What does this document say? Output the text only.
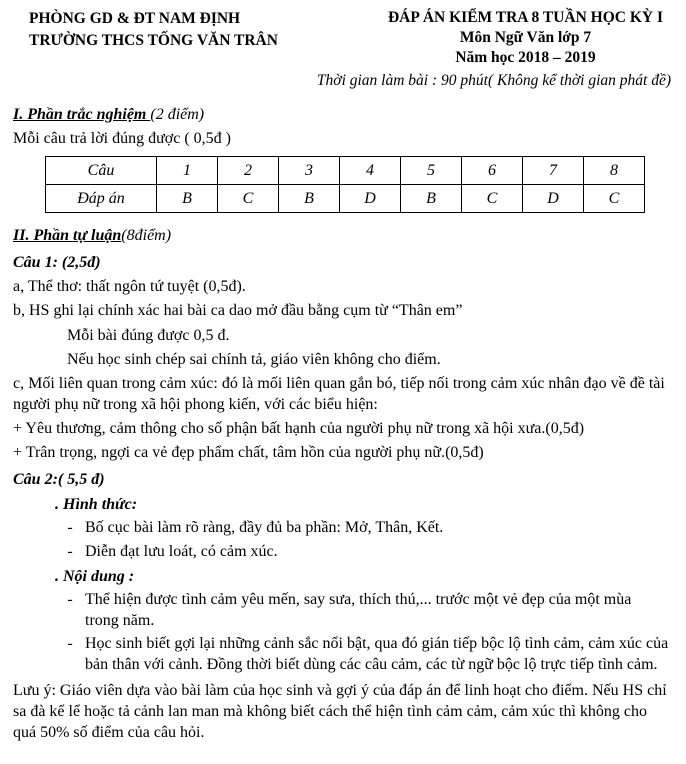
PHÒNG GD & ĐT NAM ĐỊNH
TRƯỜNG THCS TỐNG VĂN TRÂN
ĐÁP ÁN KIỂM TRA 8 TUẦN HỌC KỲ I
Môn Ngữ Văn lớp 7
Năm học 2018 – 2019
Thời gian làm bài : 90 phút( Không kể thời gian phát đề)
I. Phần trắc nghiệm (2 điểm)

Mỗi câu trả lời đúng được ( 0,5đ )

Câu	1	2	3	4	5	6	7	8
Đáp án	B	C	B	D	B	C	D	C
II. Phần tự luận(8điểm)
Câu 1: (2,5đ)

a, Thể thơ: thất ngôn tứ tuyệt (0,5đ).

b, HS ghi lại chính xác hai bài ca dao mở đầu bằng cụm từ “Thân em”

Mỗi bài đúng được 0,5 đ.

Nếu học sinh chép sai chính tả, giáo viên không cho điểm.

c, Mối liên quan trong cảm xúc: đó là mối liên quan gắn bó, tiếp nối trong cảm xúc nhân đạo về đề tài người phụ nữ trong xã hội phong kiến, với các biểu hiện:

+ Yêu thương, cảm thông cho số phận bất hạnh của người phụ nữ trong xã hội xưa.(0,5đ)

+ Trân trọng, ngợi ca vẻ đẹp phẩm chất, tâm hồn của người phụ nữ.(0,5đ)

Câu 2:( 5,5 đ)
. Hình thức:
- Bố cục bài làm rõ ràng, đầy đủ ba phần: Mở, Thân, Kết.
- Diễn đạt lưu loát, có cảm xúc.
. Nội dung :
- Thể hiện được tình cảm yêu mến, say sưa, thích thú,... trước một vẻ đẹp của một mùa trong năm.
- Học sinh biết gợi lại những cảnh sắc nổi bật, qua đó gián tiếp bộc lộ tình cảm, cảm xúc của bản thân với cảnh. Đồng thời biết dùng các câu cảm, các từ ngữ bộc lộ trực tiếp tình cảm.

Lưu ý: Giáo viên dựa vào bài làm của học sinh và gợi ý của đáp án để linh hoạt cho điểm. Nếu HS chỉ sa đà kể lể hoặc tả cảnh lan man mà không biết cách thể hiện tình cảm cảm, cảm xúc thì không cho quá 50% số điểm của câu hỏi.
